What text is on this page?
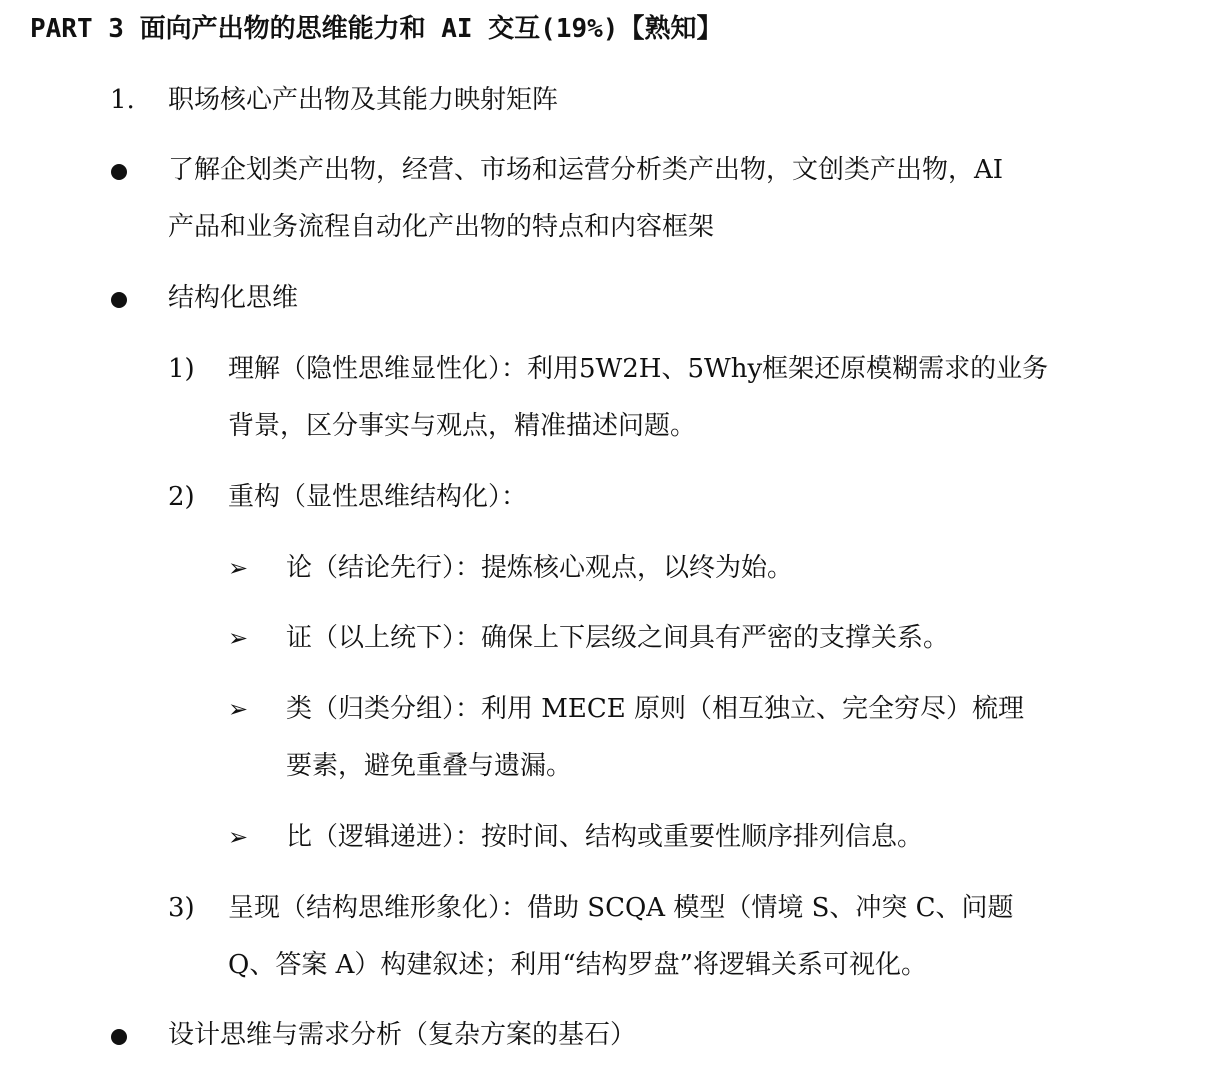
PART 3 面向产出物的思维能力和 AI 交互(19%)【熟知】
1. 职场核心产出物及其能力映射矩阵
了解企划类产出物，经营、市场和运营分析类产出物，文创类产出物，AI
产品和业务流程自动化产出物的特点和内容框架
结构化思维
1) 理解（隐性思维显性化）：利用5W2H、5Why框架还原模糊需求的业务
背景，区分事实与观点，精准描述问题。
2) 重构（显性思维结构化）：
➢ 论（结论先行）：提炼核心观点，以终为始。
➢ 证（以上统下）：确保上下层级之间具有严密的支撑关系。
➢ 类（归类分组）：利用 MECE 原则（相互独立、完全穷尽）梳理
要素，避免重叠与遗漏。
➢ 比（逻辑递进）：按时间、结构或重要性顺序排列信息。
3) 呈现（结构思维形象化）：借助 SCQA 模型（情境 S、冲突 C、问题
Q、答案 A）构建叙述；利用“结构罗盘”将逻辑关系可视化。
设计思维与需求分析（复杂方案的基石）
